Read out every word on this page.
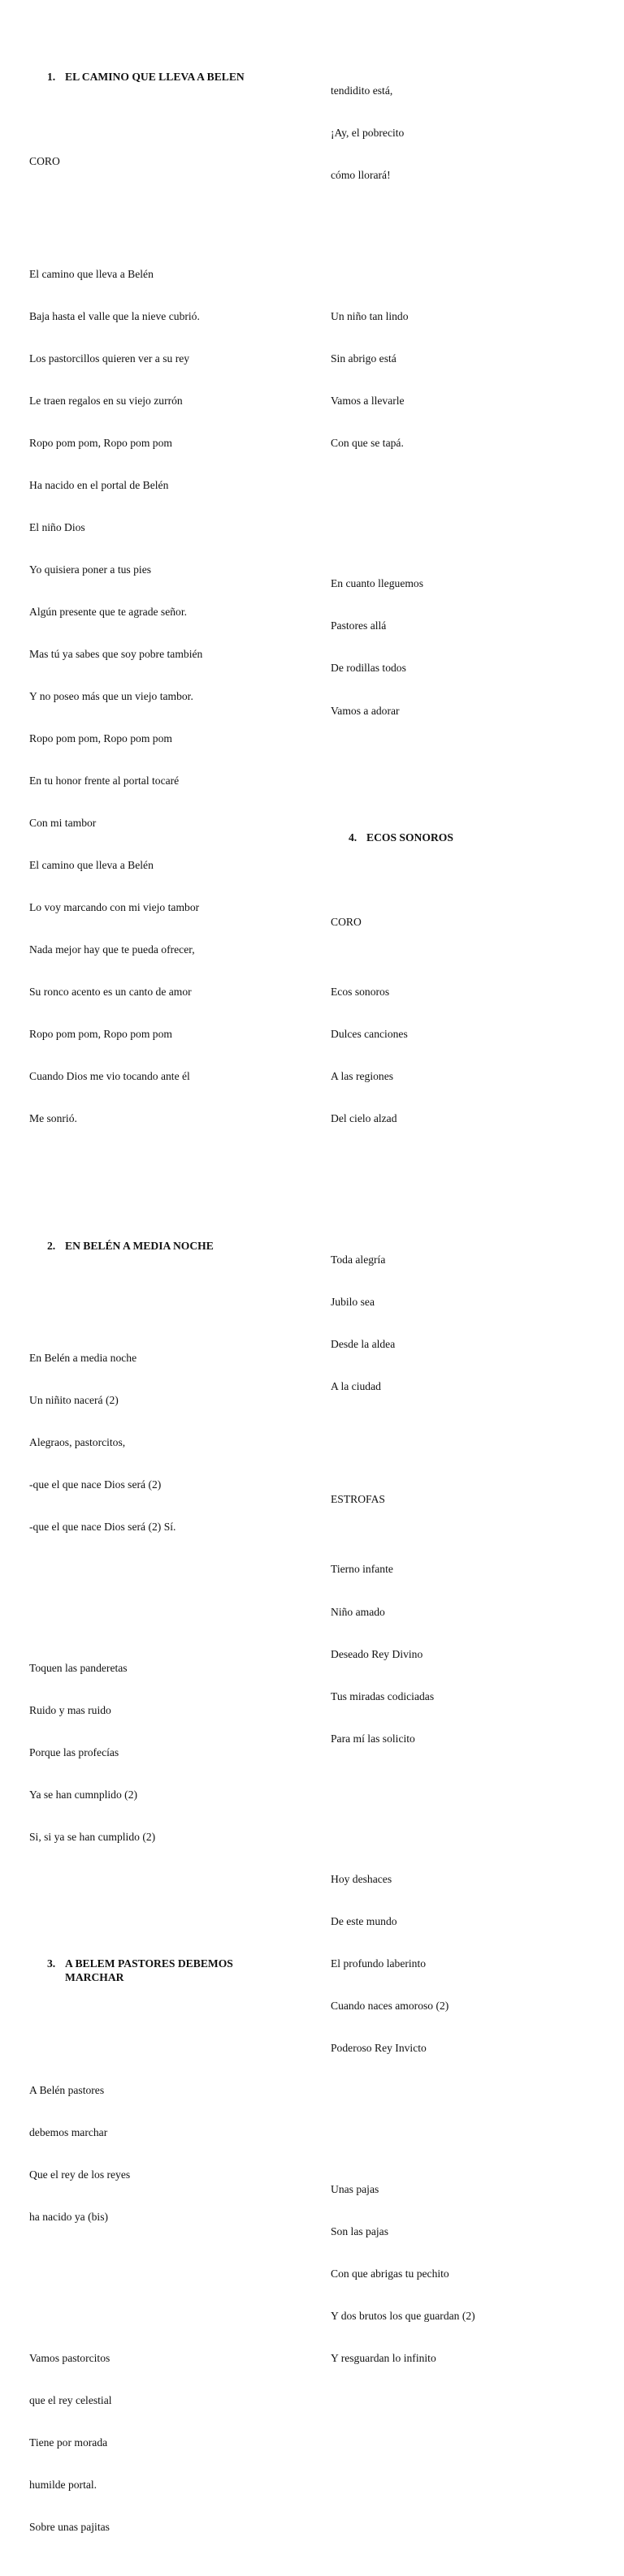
1. EL CAMINO QUE LLEVA A BELEN

CORO

El camino que lleva a Belén

Baja hasta el valle que la nieve cubrió.

Los pastorcillos quieren ver a su rey

Le traen regalos en su viejo zurrón

Ropo pom pom, Ropo pom pom

Ha nacido en el portal de Belén

El niño Dios

Yo quisiera poner a tus pies

Algún presente que te agrade señor.

Mas tú ya sabes que soy pobre también

Y no poseo más que un viejo tambor.

Ropo pom pom, Ropo pom pom

En tu honor frente al portal tocaré

Con mi tambor

El camino que lleva a Belén

Lo voy marcando con mi viejo tambor

Nada mejor hay que te pueda ofrecer,

Su ronco acento es un canto de amor

Ropo pom pom, Ropo pom pom

Cuando Dios me vio tocando ante él

Me sonrió.

2. EN BELÉN A MEDIA NOCHE

En Belén a media noche

Un niñito nacerá (2)

Alegraos, pastorcitos,

-que el que nace Dios será (2)

-que el que nace Dios será (2) Sí.

Toquen las panderetas

Ruido y mas ruido

Porque las profecías

Ya se han cumnplido (2)

Si, si ya se han cumplido (2)

3. A BELEM PASTORES DEBEMOS MARCHAR

A Belén pastores

debemos marchar

Que el rey de los reyes

ha nacido ya (bis)

Vamos pastorcitos

que el rey celestial

Tiene por morada

humilde portal.

Sobre unas pajitas

tendidito está,

¡Ay, el pobrecito

cómo llorará!

Un niño tan lindo

Sin abrigo está

Vamos a llevarle

Con que se tapá.

En cuanto lleguemos

Pastores allá

De rodillas todos

Vamos a adorar

4. ECOS SONOROS

CORO

Ecos sonoros

Dulces canciones

A las regiones

Del cielo alzad

Toda alegría

Jubilo sea

Desde la aldea

A la ciudad

ESTROFAS

Tierno infante

Niño amado

Deseado Rey Divino

Tus miradas codiciadas

Para mí las solicito

Hoy deshaces

De este mundo

El profundo laberinto

Cuando naces amoroso (2)

Poderoso Rey Invicto

Unas pajas

Son las pajas

Con que abrigas tu pechito

Y dos brutos los que guardan (2)

Y resguardan lo infinito
